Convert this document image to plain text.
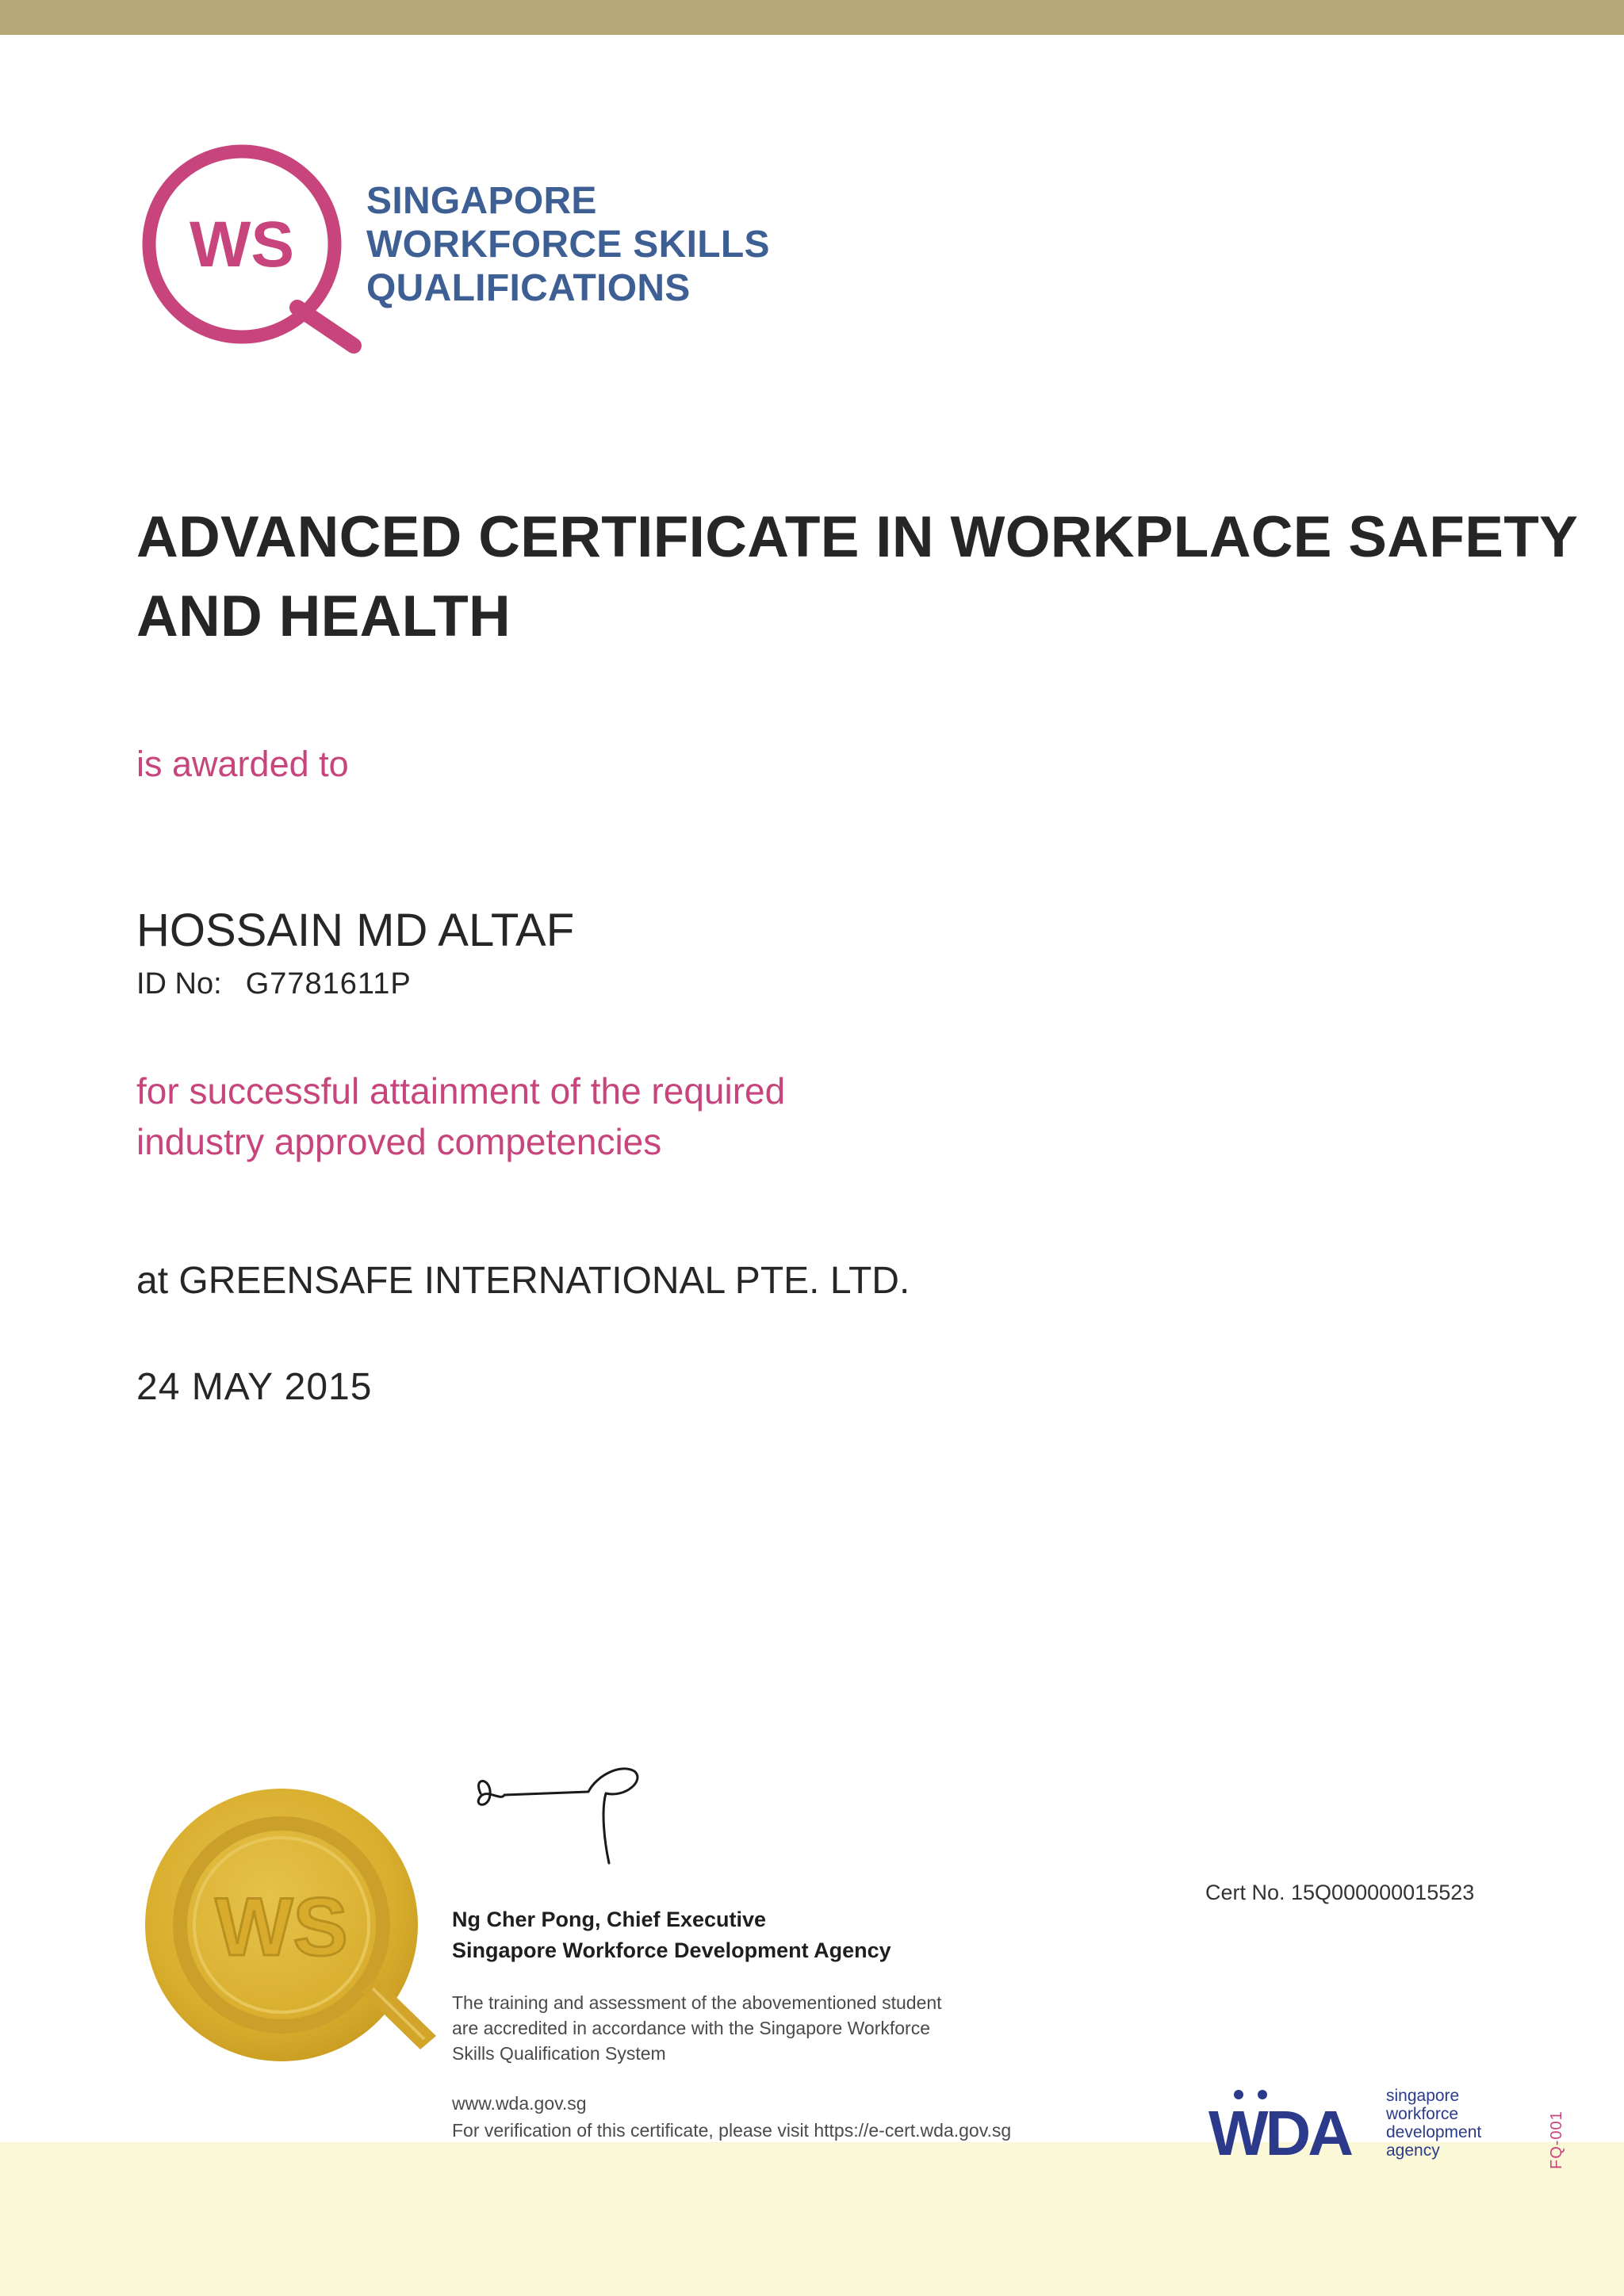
WS
SINGAPORE
WORKFORCE SKILLS
QUALIFICATIONS
ADVANCED CERTIFICATE IN WORKPLACE SAFETY
AND HEALTH
is awarded to
HOSSAIN MD ALTAF
ID No: G7781611P
for successful attainment of the required
industry approved competencies
at GREENSAFE INTERNATIONAL PTE. LTD.
24 MAY 2015
WS	Ng Cher Pong, Chief Executive
Singapore Workforce Development Agency
The training and assessment of the abovementioned student
are accredited in accordance with the Singapore Workforce
Skills Qualification System
www.wda.gov.sg
For verification of this certificate, please visit https://e-cert.wda.gov.sg
Cert No. 15Q000000015523
WDA
singapore
workforce
development
agency	FQ-001
